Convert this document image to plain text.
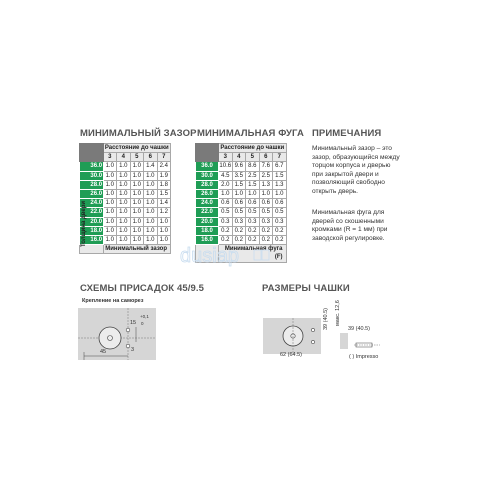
МИНИМАЛЬНЫЙ ЗАЗОР МИНИМАЛЬНАЯ ФУГА ПРИМЕЧАНИЯ
СХЕМЫ ПРИСАДОК 45/9.5	РАЗМЕРЫ ЧАШКИ
	Расстояние до чашки				
	3	4	5	6	7
36.0	1.0	1.0	1.0	1.4	2.4
30.0	1.0	1.0	1.0	1.0	1.9
28.0	1.0	1.0	1.0	1.0	1.8
26.0	1.0	1.0	1.0	1.0	1.5
24.0	1.0	1.0	1.0	1.0	1.4
22.0	1.0	1.0	1.0	1.0	1.2
20.0	1.0	1.0	1.0	1.0	1.0
18.0	1.0	1.0	1.0	1.0	1.0
16.0	1.0	1.0	1.0	1.0	1.0
	Минимальный зазор				
Толщина двери
	Расстояние до чашки				
	3	4	5	6	7
36.0	10.6	9.6	8.6	7.6	6.7
30.0	4.5	3.5	2.5	2.5	1.5
28.0	2.0	1.5	1.5	1.3	1.3
26.0	1.0	1.0	1.0	1.0	1.0
24.0	0.6	0.6	0.6	0.6	0.6
22.0	0.5	0.5	0.5	0.5	0.5
20.0	0.3	0.3	0.3	0.3	0.3
18.0	0.2	0.2	0.2	0.2	0.2
16.0	0.2	0.2	0.2	0.2	0.2
	Минимальная фуга (F)				
Минимальный зазор – это
зазор, образующийся между
торцом корпуса и дверью
при закрытой двери и
позволяющий свободно
открыть дверь.
Минимальная фуга для
дверей со скошенными
кромками (R = 1 мм) при
заводской регулировке.
dusiap
Крепление на саморез
45
15
+0,1
0
3
62 (64.5)
39 (40.5) макс. 12,6
39 (40.5)
( ) Impresso
